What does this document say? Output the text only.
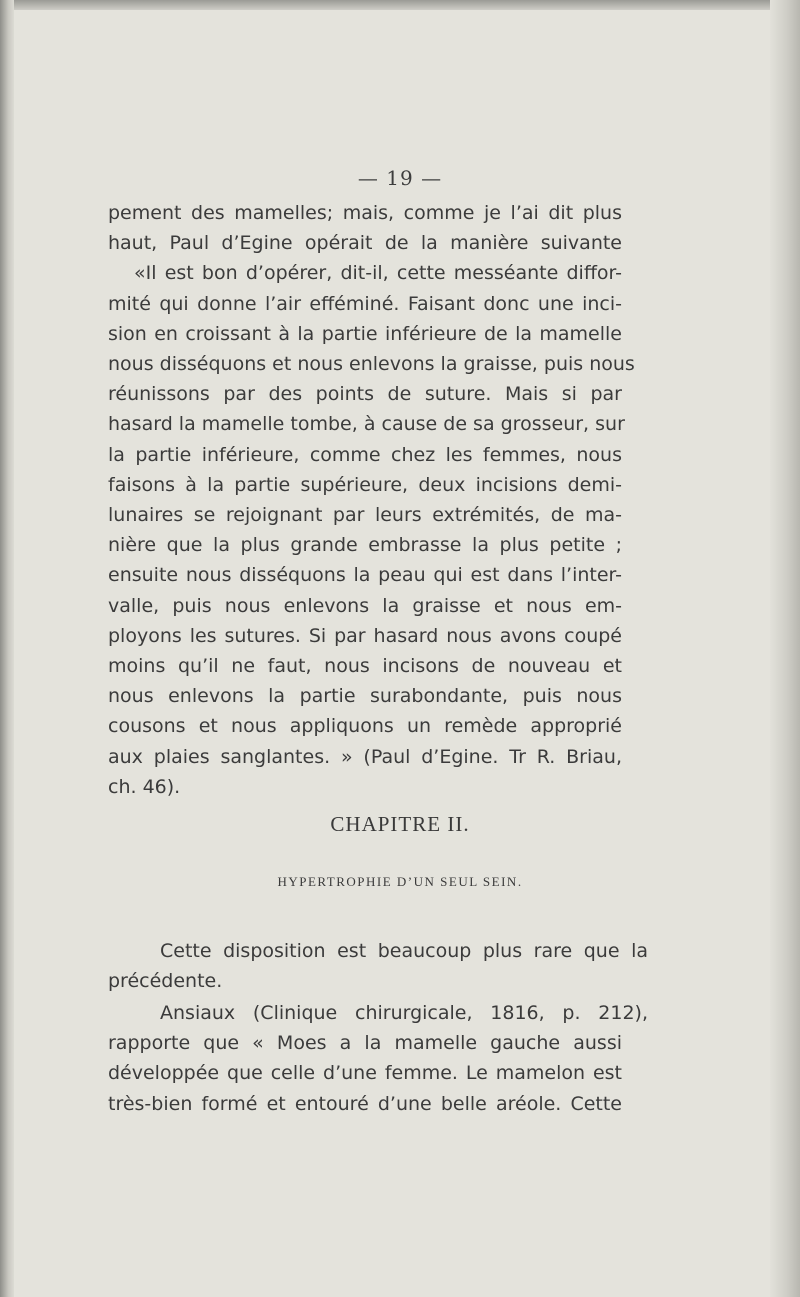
— 19 —
pement des mamelles; mais, comme je l’ai dit plus
haut, Paul d’Egine opérait de la manière suivante
«Il est bon d’opérer, dit-il, cette messéante diffor-
mité qui donne l’air efféminé. Faisant donc une inci-
sion en croissant à la partie inférieure de la mamelle
nous disséquons et nous enlevons la graisse, puis nous
réunissons par des points de suture. Mais si par
hasard la mamelle tombe, à cause de sa grosseur, sur
la partie inférieure, comme chez les femmes, nous
faisons à la partie supérieure, deux incisions demi-
lunaires se rejoignant par leurs extrémités, de ma-
nière que la plus grande embrasse la plus petite ;
ensuite nous disséquons la peau qui est dans l’inter-
valle, puis nous enlevons la graisse et nous em-
ployons les sutures. Si par hasard nous avons coupé
moins qu’il ne faut, nous incisons de nouveau et
nous enlevons la partie surabondante, puis nous
cousons et nous appliquons un remède approprié
aux plaies sanglantes. » (Paul d’Egine. Tr R. Briau,
ch. 46).
CHAPITRE II.
HYPERTROPHIE D’UN SEUL SEIN.
Cette disposition est beaucoup plus rare que la
précédente.
Ansiaux (Clinique chirurgicale, 1816, p. 212),
rapporte que « Moes a la mamelle gauche aussi
développée que celle d’une femme. Le mamelon est
très-bien formé et entouré d’une belle aréole. Cette
